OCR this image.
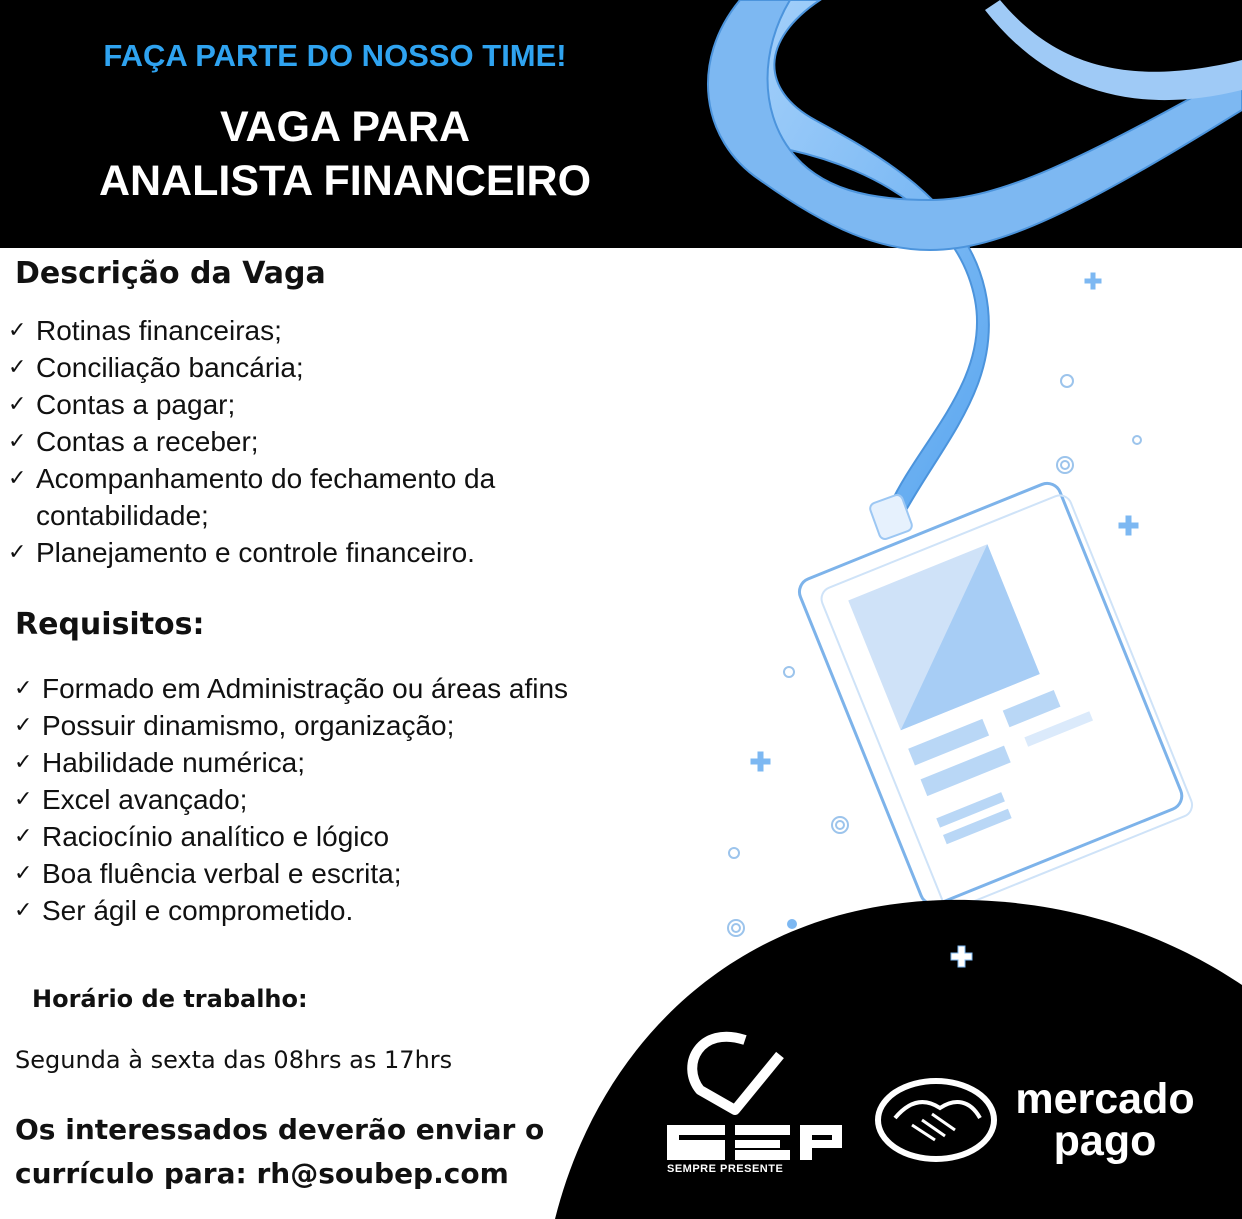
FAÇA PARTE DO NOSSO TIME!
VAGA PARA
ANALISTA FINANCEIRO
Descrição da Vaga
✓ Rotinas financeiras;
✓ Conciliação bancária;
✓ Contas a pagar;
✓ Contas a receber;
✓ Acompanhamento do fechamento da contabilidade;
✓ Planejamento e controle financeiro.
Requisitos:
✓ Formado em Administração ou áreas afins
✓ Possuir dinamismo, organização;
✓ Habilidade numérica;
✓ Excel avançado;
✓ Raciocínio analítico e lógico
✓ Boa fluência verbal e escrita;
✓ Ser ágil e comprometido.
Horário de trabalho:
Segunda à sexta das 08hrs as 17hrs
Os interessados deverão enviar o
currículo para: rh@soubep.com	SEMPRE PRESENTE
mercado
pago
